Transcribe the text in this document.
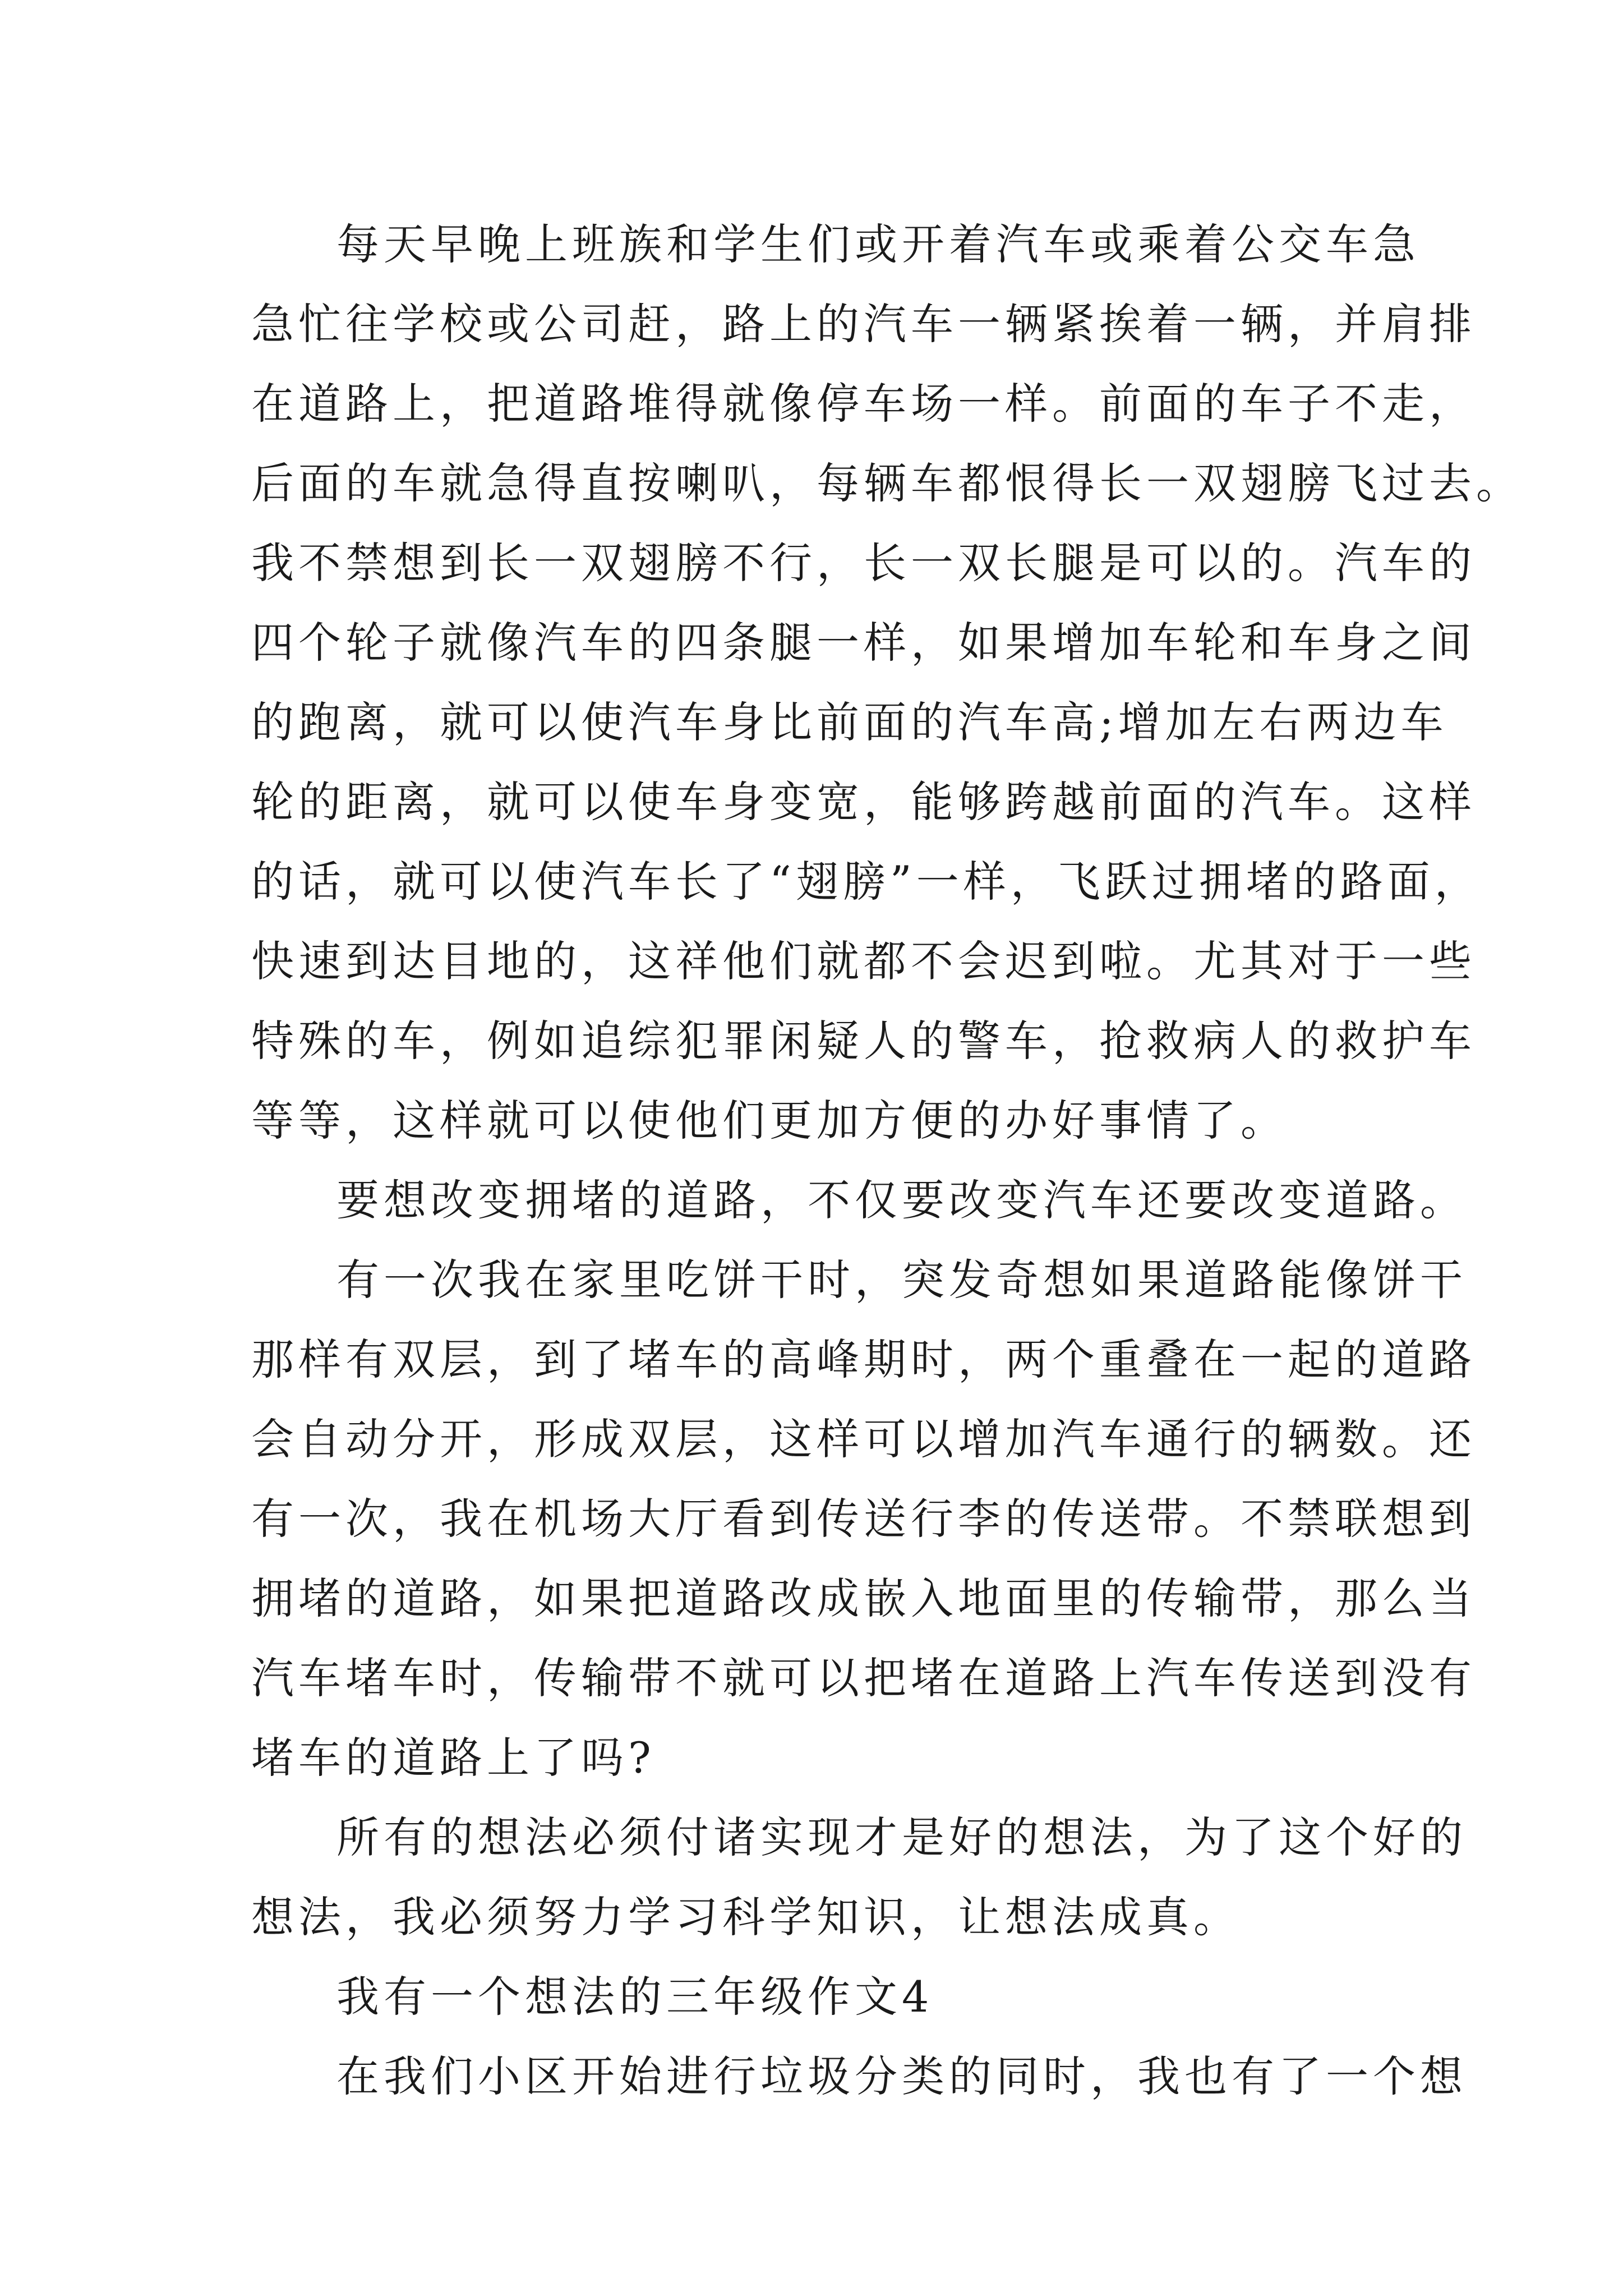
每天早晚上班族和学生们或开着汽车或乘着公交车急
急忙往学校或公司赶，路上的汽车一辆紧挨着一辆，并肩排
在道路上，把道路堆得就像停车场一样。前面的车子不走，
后面的车就急得直按喇叭，每辆车都恨得长一双翅膀飞过去。
我不禁想到长一双翅膀不行，长一双长腿是可以的。汽车的
四个轮子就像汽车的四条腿一样，如果增加车轮和车身之间
的跑离，就可以使汽车身比前面的汽车高;增加左右两边车
轮的距离，就可以使车身变宽，能够跨越前面的汽车。这样
的话，就可以使汽车长了“翅膀”一样，飞跃过拥堵的路面，
快速到达目地的，这祥他们就都不会迟到啦。尤其对于一些
特殊的车，例如追综犯罪闲疑人的警车，抢救病人的救护车
等等，这样就可以使他们更加方便的办好事情了。
要想改变拥堵的道路，不仅要改变汽车还要改变道路。
有一次我在家里吃饼干时，突发奇想如果道路能像饼干
那样有双层，到了堵车的高峰期时，两个重叠在一起的道路
会自动分开，形成双层，这样可以增加汽车通行的辆数。还
有一次，我在机场大厅看到传送行李的传送带。不禁联想到
拥堵的道路，如果把道路改成嵌入地面里的传输带，那么当
汽车堵车时，传输带不就可以把堵在道路上汽车传送到没有
堵车的道路上了吗?
所有的想法必须付诸实现才是好的想法，为了这个好的
想法，我必须努力学习科学知识，让想法成真。
我有一个想法的三年级作文4
在我们小区开始进行垃圾分类的同时，我也有了一个想
